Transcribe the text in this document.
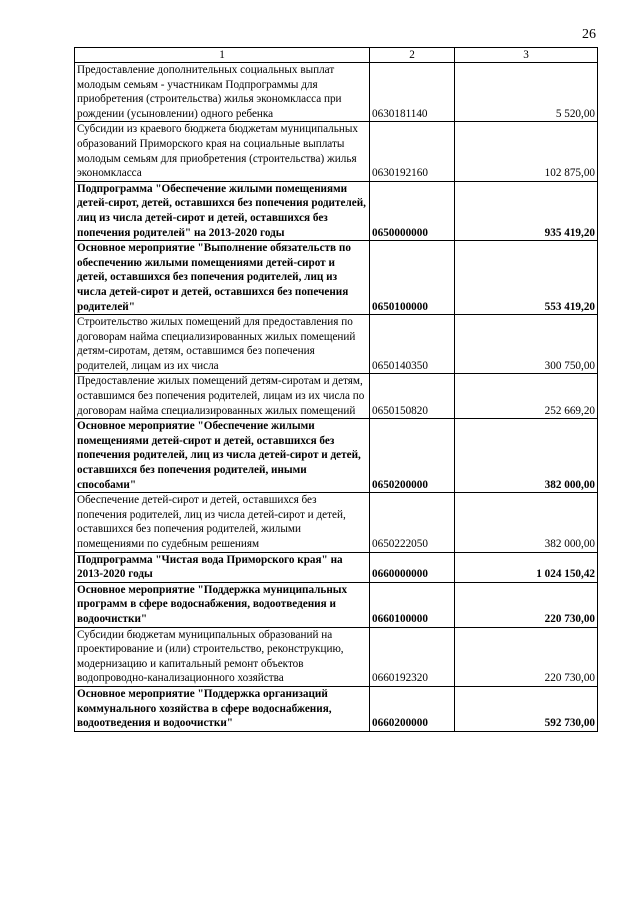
26
1	2	3
Предоставление дополнительных социальных выплат молодым семьям - участникам Подпрограммы для приобретения (строительства) жилья экономкласса при рождении (усыновлении) одного ребенка	0630181140	5 520,00
Субсидии из краевого бюджета бюджетам муниципальных образований Приморского края на социальные выплаты молодым семьям для приобретения (строительства) жилья экономкласса	0630192160	102 875,00
Подпрограмма "Обеспечение жилыми помещениями детей-сирот, детей, оставшихся без попечения родителей, лиц из числа детей-сирот и детей, оставшихся без попечения родителей" на 2013-2020 годы	0650000000	935 419,20
Основное мероприятие "Выполнение обязательств по обеспечению жилыми помещениями детей-сирот и детей, оставшихся без попечения родителей, лиц из числа детей-сирот и детей, оставшихся без попечения родителей"	0650100000	553 419,20
Строительство жилых помещений для предоставления по договорам найма специализированных жилых помещений детям-сиротам, детям, оставшимся без попечения родителей, лицам из их числа	0650140350	300 750,00
Предоставление жилых помещений детям-сиротам и детям, оставшимся без попечения родителей, лицам из их числа по договорам найма специализированных жилых помещений	0650150820	252 669,20
Основное мероприятие "Обеспечение жилыми помещениями детей-сирот и детей, оставшихся без попечения родителей, лиц из числа детей-сирот и детей, оставшихся без попечения родителей, иными способами"	0650200000	382 000,00
Обеспечение детей-сирот и детей, оставшихся без попечения родителей, лиц из числа детей-сирот и детей, оставшихся без попечения родителей, жилыми помещениями по судебным решениям	0650222050	382 000,00
Подпрограмма "Чистая вода Приморского края" на 2013-2020 годы	0660000000	1 024 150,42
Основное мероприятие "Поддержка муниципальных программ в сфере водоснабжения, водоотведения и водоочистки"	0660100000	220 730,00
Субсидии бюджетам муниципальных образований на проектирование и (или) строительство, реконструкцию, модернизацию и капитальный ремонт объектов водопроводно-канализационного хозяйства	0660192320	220 730,00
Основное мероприятие "Поддержка организаций коммунального хозяйства в сфере водоснабжения, водоотведения и водоочистки"	0660200000	592 730,00
